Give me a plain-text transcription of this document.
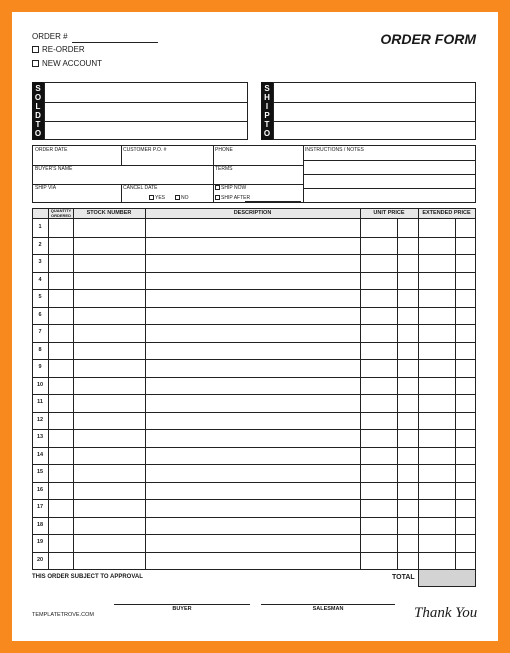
ORDER #
RE-ORDER
NEW ACCOUNT
ORDER FORM
S
O
L
D
T
O
S
H
I
P
T
O
ORDER DATE	CUSTOMER P.O. #	PHONE	INSTRUCTIONS / NOTES
BUYER'S NAME	TERMS
SHIP VIA	CANCEL DATE
YES	NO
SHIP NOW
SHIP AFTER
QUANTITY ORDERED	STOCK NUMBER	DESCRIPTION	UNIT PRICE	EXTENDED PRICE
1
2
3
4
5
6
7
8
9
10
11
12
13
14
15
16
17
18
19
20
THIS ORDER SUBJECT TO APPROVAL	TOTAL
BUYER	SALESMAN
TEMPLATETROVE.COM	Thank You
